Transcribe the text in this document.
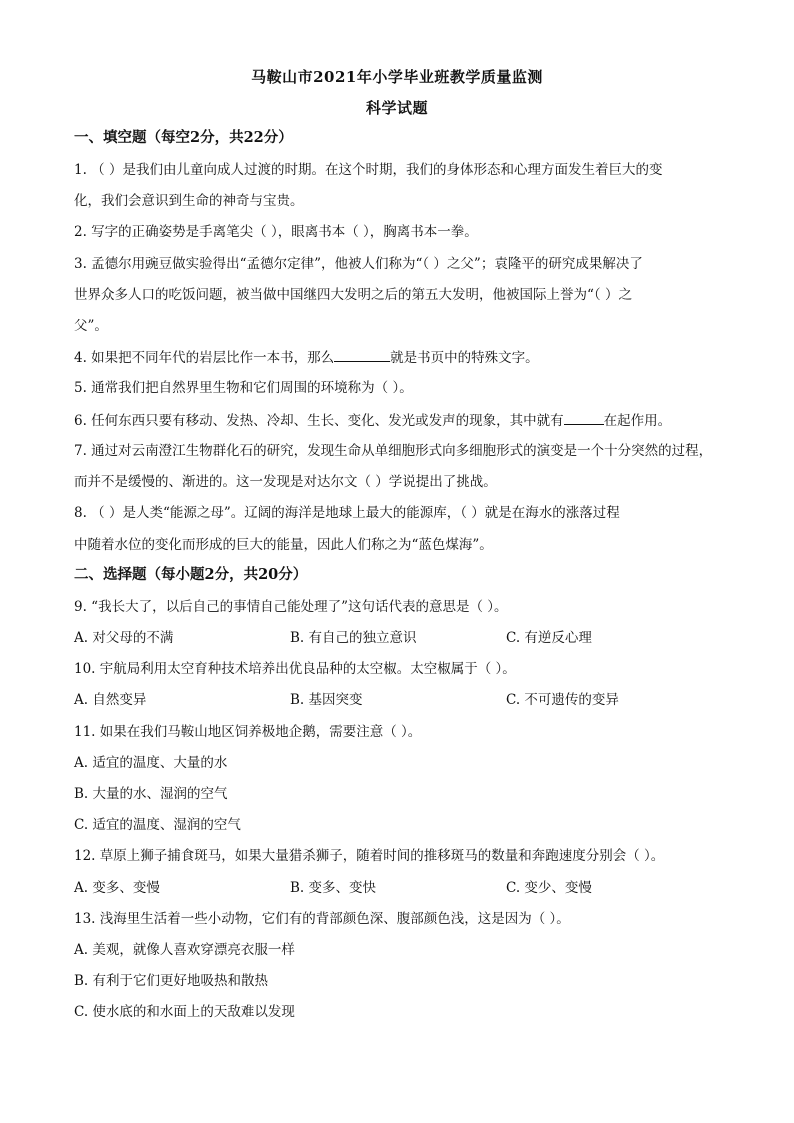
马鞍山市2021年小学毕业班教学质量监测
科学试题
一、填空题（每空2分，共22分）
1. （ ）是我们由儿童向成人过渡的时期。在这个时期，我们的身体形态和心理方面发生着巨大的变
化，我们会意识到生命的神奇与宝贵。
2. 写字的正确姿势是手离笔尖（ ），眼离书本（ ），胸离书本一拳。
3. 孟德尔用豌豆做实验得出“孟德尔定律”，他被人们称为“（ ）之父”；袁隆平的研究成果解决了
世界众多人口的吃饭问题，被当做中国继四大发明之后的第五大发明，他被国际上誉为“（ ）之
父”。
4. 如果把不同年代的岩层比作一本书，那么	就是书页中的特殊文字。
5. 通常我们把自然界里生物和它们周围的环境称为（ ）。
6. 任何东西只要有移动、发热、冷却、生长、变化、发光或发声的现象，其中就有	在起作用。
7. 通过对云南澄江生物群化石的研究，发现生命从单细胞形式向多细胞形式的演变是一个十分突然的过程，
而并不是缓慢的、渐进的。这一发现是对达尔文（ ）学说提出了挑战。
8. （ ）是人类“能源之母”。辽阔的海洋是地球上最大的能源库，（ ）就是在海水的涨落过程
中随着水位的变化而形成的巨大的能量，因此人们称之为“蓝色煤海”。
二、选择题（每小题2分，共20分）
9. “我长大了，以后自己的事情自己能处理了”这句话代表的意思是（ ）。
A. 对父母的不满	B. 有自己的独立意识	C. 有逆反心理
10. 宇航局利用太空育种技术培养出优良品种的太空椒。太空椒属于（ ）。
A. 自然变异	B. 基因突变	C. 不可遗传的变异
11. 如果在我们马鞍山地区饲养极地企鹅，需要注意（ ）。
A. 适宜的温度、大量的水
B. 大量的水、湿润的空气
C. 适宜的温度、湿润的空气
12. 草原上狮子捕食斑马，如果大量猎杀狮子，随着时间的推移斑马的数量和奔跑速度分别会（ ）。
A. 变多、变慢	B. 变多、变快	C. 变少、变慢
13. 浅海里生活着一些小动物，它们有的背部颜色深、腹部颜色浅，这是因为（ ）。
A. 美观，就像人喜欢穿漂亮衣服一样
B. 有利于它们更好地吸热和散热
C. 使水底的和水面上的天敌难以发现
